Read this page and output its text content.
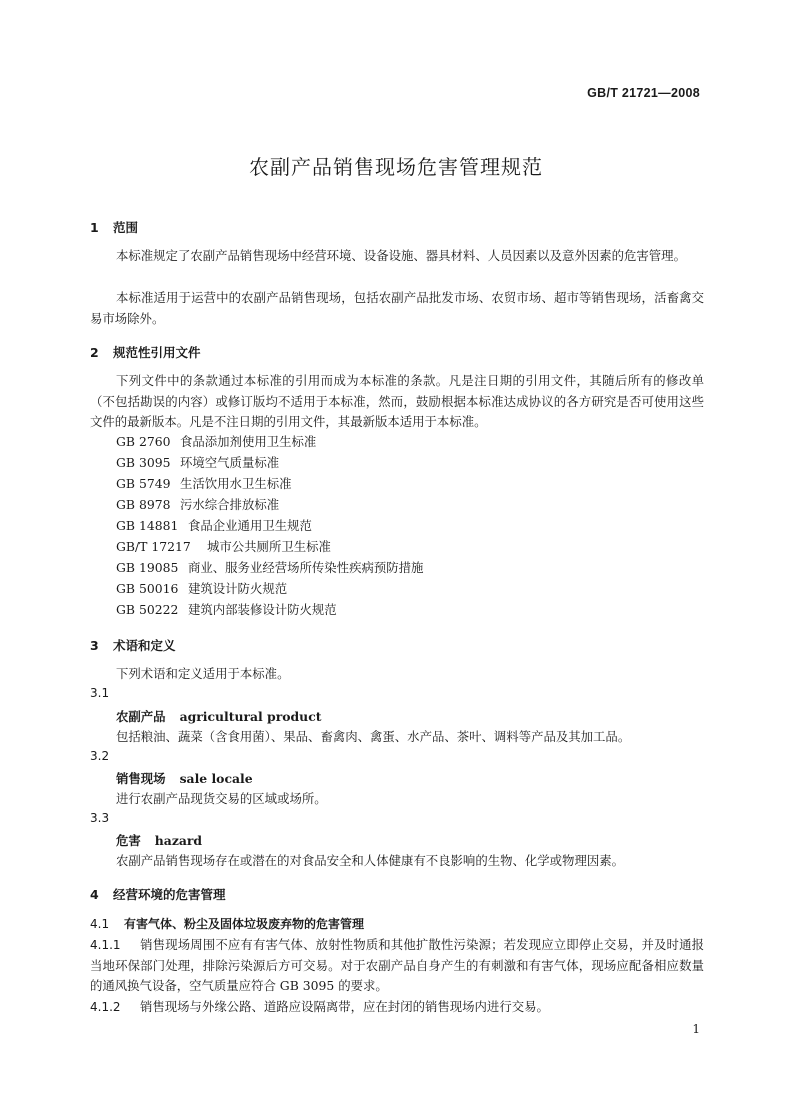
GB/T 21721—2008
农副产品销售现场危害管理规范
1 范围
本标准规定了农副产品销售现场中经营环境、设备设施、器具材料、人员因素以及意外因素的危害管理。
本标准适用于运营中的农副产品销售现场，包括农副产品批发市场、农贸市场、超市等销售现场，活畜禽交易市场除外。
2 规范性引用文件
下列文件中的条款通过本标准的引用而成为本标准的条款。凡是注日期的引用文件，其随后所有的修改单（不包括勘误的内容）或修订版均不适用于本标准，然而，鼓励根据本标准达成协议的各方研究是否可使用这些文件的最新版本。凡是不注日期的引用文件，其最新版本适用于本标准。
GB 2760 食品添加剂使用卫生标准
GB 3095 环境空气质量标准
GB 5749 生活饮用水卫生标准
GB 8978 污水综合排放标准
GB 14881 食品企业通用卫生规范
GB/T 17217 城市公共厕所卫生标准
GB 19085 商业、服务业经营场所传染性疾病预防措施
GB 50016 建筑设计防火规范
GB 50222 建筑内部装修设计防火规范
3 术语和定义
下列术语和定义适用于本标准。
3.1
农副产品 agricultural product
包括粮油、蔬菜（含食用菌）、果品、畜禽肉、禽蛋、水产品、茶叶、调料等产品及其加工品。
3.2
销售现场 sale locale
进行农副产品现货交易的区域或场所。
3.3
危害 hazard
农副产品销售现场存在或潜在的对食品安全和人体健康有不良影响的生物、化学或物理因素。
4 经营环境的危害管理
4.1 有害气体、粉尘及固体垃圾废弃物的危害管理
4.1.1 销售现场周围不应有有害气体、放射性物质和其他扩散性污染源；若发现应立即停止交易，并及时通报当地环保部门处理，排除污染源后方可交易。对于农副产品自身产生的有刺激和有害气体，现场应配备相应数量的通风换气设备，空气质量应符合 GB 3095 的要求。
4.1.2 销售现场与外缘公路、道路应设隔离带，应在封闭的销售现场内进行交易。
1
